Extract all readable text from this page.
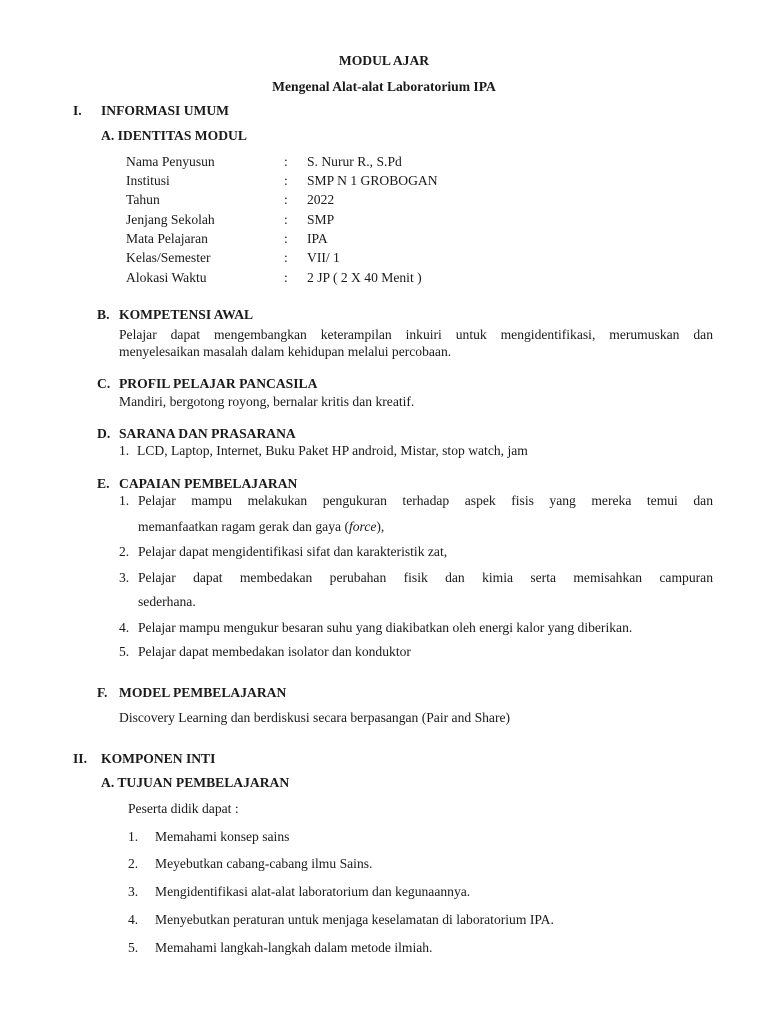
MODUL AJAR
Mengenal Alat-alat Laboratorium IPA
I. INFORMASI UMUM
A. IDENTITAS MODUL
Nama Penyusun	: S. Nurur R., S.Pd
Institusi	: SMP N 1 GROBOGAN
Tahun	: 2022
Jenjang Sekolah	: SMP
Mata Pelajaran	: IPA
Kelas/Semester	: VII/ 1
Alokasi Waktu	: 2 JP ( 2 X 40 Menit )
B. KOMPETENSI AWAL
Pelajar dapat mengembangkan keterampilan inkuiri untuk mengidentifikasi, merumuskan dan
menyelesaikan masalah dalam kehidupan melalui percobaan.
C. PROFIL PELAJAR PANCASILA
Mandiri, bergotong royong, bernalar kritis dan kreatif.
D. SARANA DAN PRASARANA
1. LCD, Laptop, Internet, Buku Paket HP android, Mistar, stop watch, jam
E. CAPAIAN PEMBELAJARAN
1. Pelajar mampu melakukan pengukuran terhadap aspek fisis yang mereka temui dan
memanfaatkan ragam gerak dan gaya (force),
2. Pelajar dapat mengidentifikasi sifat dan karakteristik zat,
3. Pelajar dapat membedakan perubahan fisik dan kimia serta memisahkan campuran
sederhana.
4. Pelajar mampu mengukur besaran suhu yang diakibatkan oleh energi kalor yang diberikan.
5. Pelajar dapat membedakan isolator dan konduktor
F. MODEL PEMBELAJARAN
Discovery Learning dan berdiskusi secara berpasangan (Pair and Share)
II. KOMPONEN INTI
A. TUJUAN PEMBELAJARAN
Peserta didik dapat :
1. Memahami konsep sains
2. Meyebutkan cabang-cabang ilmu Sains.
3. Mengidentifikasi alat-alat laboratorium dan kegunaannya.
4. Menyebutkan peraturan untuk menjaga keselamatan di laboratorium IPA.
5. Memahami langkah-langkah dalam metode ilmiah.
